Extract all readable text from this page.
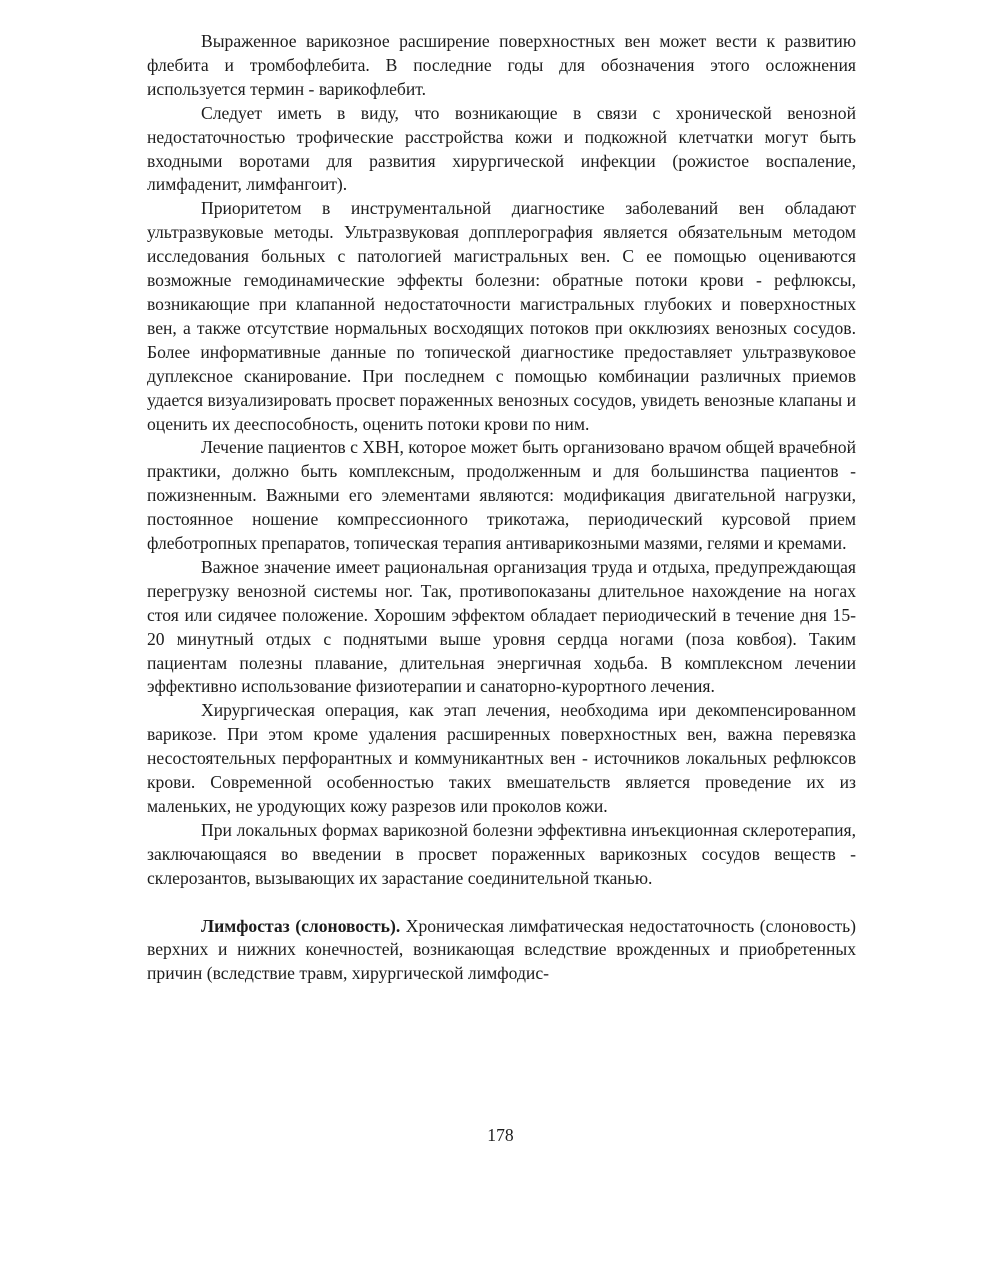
Выраженное варикозное расширение поверхностных вен может вести к развитию флебита и тромбофлебита. В последние годы для обозначения этого осложнения используется термин - варикофлебит.

Следует иметь в виду, что возникающие в связи с хронической венозной недостаточностью трофические расстройства кожи и подкожной клетчатки могут быть входными воротами для развития хирургической инфекции (рожистое воспаление, лимфаденит, лимфангоит).

Приоритетом в инструментальной диагностике заболеваний вен обладают ультразвуковые методы. Ультразвуковая допплерография является обязательным методом исследования больных с патологией магистральных вен. С ее помощью оцениваются возможные гемодинамические эффекты болезни: обратные потоки крови - рефлюксы, возникающие при клапанной недостаточности магистральных глубоких и поверхностных вен, а также отсутствие нормальных восходящих потоков при окклюзиях венозных сосудов. Более информативные данные по топической диагностике предоставляет ультразвуковое дуплексное сканирование. При последнем с помощью комбинации различных приемов удается визуализировать просвет пораженных венозных сосудов, увидеть венозные клапаны и оценить их дееспособность, оценить потоки крови по ним.

Лечение пациентов с ХВН, которое может быть организовано врачом общей врачебной практики, должно быть комплексным, продолженным и для большинства пациентов - пожизненным. Важными его элементами являются: модификация двигательной нагрузки, постоянное ношение компрессионного трикотажа, периодический курсовой прием флеботропных препаратов, топическая терапия антиварикозными мазями, гелями и кремами.

Важное значение имеет рациональная организация труда и отдыха, предупреждающая перегрузку венозной системы ног. Так, противопоказаны длительное нахождение на ногах стоя или сидячее положение. Хорошим эффектом обладает периодический в течение дня 15-20 минутный отдых с поднятыми выше уровня сердца ногами (поза ковбоя). Таким пациентам полезны плавание, длительная энергичная ходьба. В комплексном лечении эффективно использование физиотерапии и санаторно-курортного лечения.

Хирургическая операция, как этап лечения, необходима ири декомпенсированном варикозе. При этом кроме удаления расширенных поверхностных вен, важна перевязка несостоятельных перфорантных и коммуникантных вен - источников локальных рефлюксов крови. Современной особенностью таких вмешательств является проведение их из маленьких, не уродующих кожу разрезов или проколов кожи.

При локальных формах варикозной болезни эффективна инъекционная склеротерапия, заключающаяся во введении в просвет пораженных варикозных сосудов веществ - склерозантов, вызывающих их зарастание соединительной тканью.

Лимфостаз (слоновость). Хроническая лимфатическая недостаточность (слоновость) верхних и нижних конечностей, возникающая вследствие врожденных и приобретенных причин (вследствие травм, хирургической лимфодис-

178
